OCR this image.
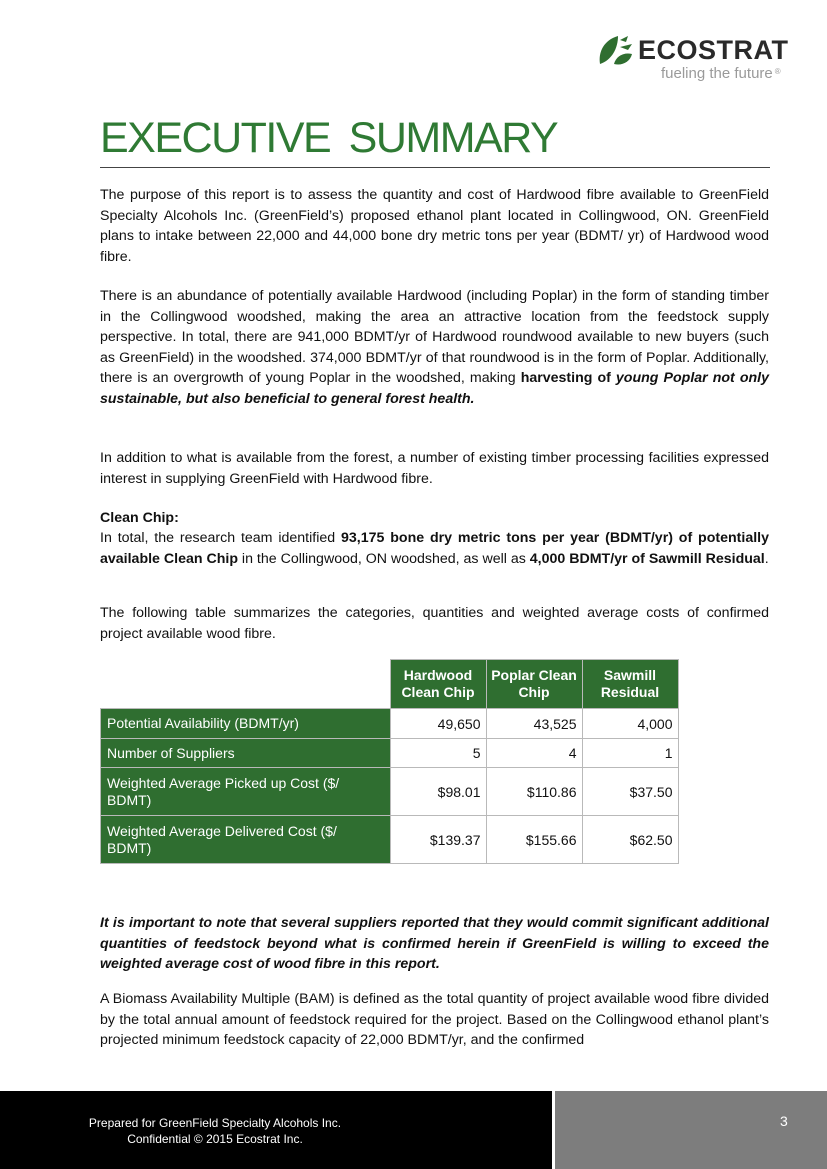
ECOSTRAT
fueling the future ®
EXECUTIVE SUMMARY

The purpose of this report is to assess the quantity and cost of Hardwood fibre available to GreenField Specialty Alcohols Inc. (GreenField’s) proposed ethanol plant located in Collingwood, ON. GreenField plans to intake between 22,000 and 44,000 bone dry metric tons per year (BDMT/ yr) of Hardwood wood fibre.

There is an abundance of potentially available Hardwood (including Poplar) in the form of standing timber in the Collingwood woodshed, making the area an attractive location from the feedstock supply perspective. In total, there are 941,000 BDMT/yr of Hardwood roundwood available to new buyers (such as GreenField) in the woodshed. 374,000 BDMT/yr of that roundwood is in the form of Poplar. Additionally, there is an overgrowth of young Poplar in the woodshed, making harvesting of young Poplar not only sustainable, but also beneficial to general forest health.

In addition to what is available from the forest, a number of existing timber processing facilities expressed interest in supplying GreenField with Hardwood fibre.

Clean Chip:

In total, the research team identified 93,175 bone dry metric tons per year (BDMT/yr) of potentially available Clean Chip in the Collingwood, ON woodshed, as well as 4,000 BDMT/yr of Sawmill Residual.

The following table summarizes the categories, quantities and weighted average costs of confirmed project available wood fibre.

	Hardwood Clean Chip	Poplar Clean Chip	Sawmill Residual
Potential Availability (BDMT/yr)	49,650	43,525	4,000
Number of Suppliers	5	4	1
Weighted Average Picked up Cost ($/ BDMT)	$98.01	$110.86	$37.50
Weighted Average Delivered Cost ($/ BDMT)	$139.37	$155.66	$62.50

It is important to note that several suppliers reported that they would commit significant additional quantities of feedstock beyond what is confirmed herein if GreenField is willing to exceed the weighted average cost of wood fibre in this report.

A Biomass Availability Multiple (BAM) is defined as the total quantity of project available wood fibre divided by the total annual amount of feedstock required for the project. Based on the Collingwood ethanol plant’s projected minimum feedstock capacity of 22,000 BDMT/yr, and the confirmed

Prepared for GreenField Specialty Alcohols Inc.
Confidential © 2015 Ecostrat Inc.
3
